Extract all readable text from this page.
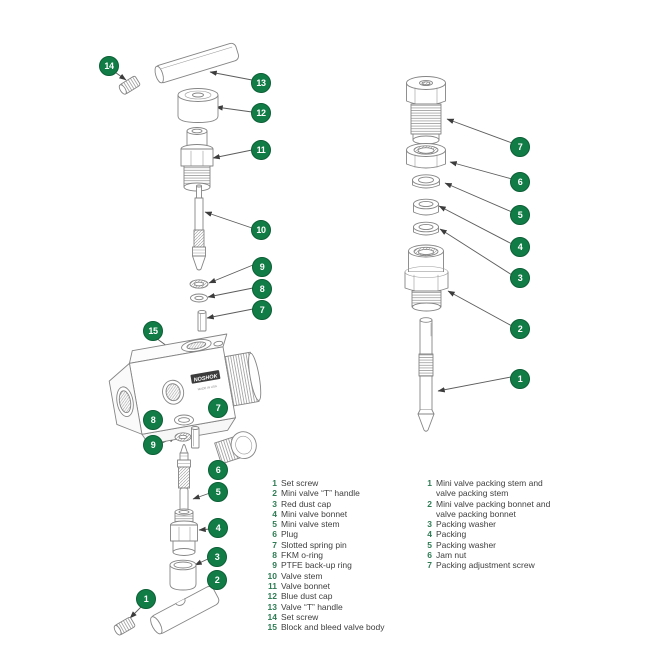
NOSHOK
MADE IN USA
14
13
12
11
10
9
8
7
15
8
7
9
6
5
4
3
2
1
7
6
5
4
3
2
1
1 Set screw
2 Mini valve “T” handle
3 Red dust cap
4 Mini valve bonnet
5 Mini valve stem
6 Plug
7 Slotted spring pin
8 FKM o-ring
9 PTFE back-up ring
10 Valve stem
11 Valve bonnet
12 Blue dust cap
13 Valve “T” handle
14 Set screw
15 Block and bleed valve body
1 Mini valve packing stem and valve packing stem
2 Mini valve packing bonnet and valve packing bonnet
3 Packing washer
4 Packing
5 Packing washer
6 Jam nut
7 Packing adjustment screw
